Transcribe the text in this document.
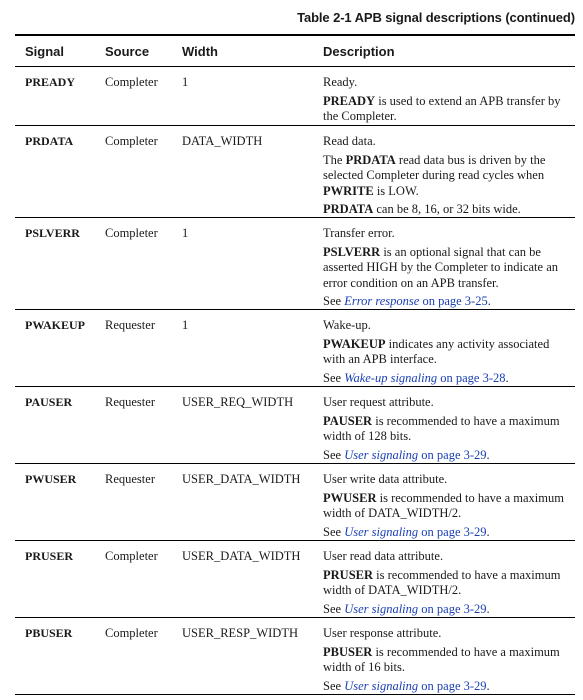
Table 2-1 APB signal descriptions (continued)
Signal	Source	Width	Description
PREADY	Completer	1	Ready.
PREADY is used to extend an APB transfer by the Completer.
PRDATA	Completer	DATA_WIDTH	Read data.
The PRDATA read data bus is driven by the selected Completer during read cycles when PWRITE is LOW.
PRDATA can be 8, 16, or 32 bits wide.
PSLVERR	Completer	1	Transfer error.
PSLVERR is an optional signal that can be asserted HIGH by the Completer to indicate an error condition on an APB transfer.
See Error response on page 3-25.
PWAKEUP	Requester	1	Wake-up.
PWAKEUP indicates any activity associated with an APB interface.
See Wake-up signaling on page 3-28.
PAUSER	Requester	USER_REQ_WIDTH	User request attribute.
PAUSER is recommended to have a maximum width of 128 bits.
See User signaling on page 3-29.
PWUSER	Requester	USER_DATA_WIDTH	User write data attribute.
PWUSER is recommended to have a maximum width of DATA_WIDTH/2.
See User signaling on page 3-29.
PRUSER	Completer	USER_DATA_WIDTH	User read data attribute.
PRUSER is recommended to have a maximum width of DATA_WIDTH/2.
See User signaling on page 3-29.
PBUSER	Completer	USER_RESP_WIDTH	User response attribute.
PBUSER is recommended to have a maximum width of 16 bits.
See User signaling on page 3-29.
